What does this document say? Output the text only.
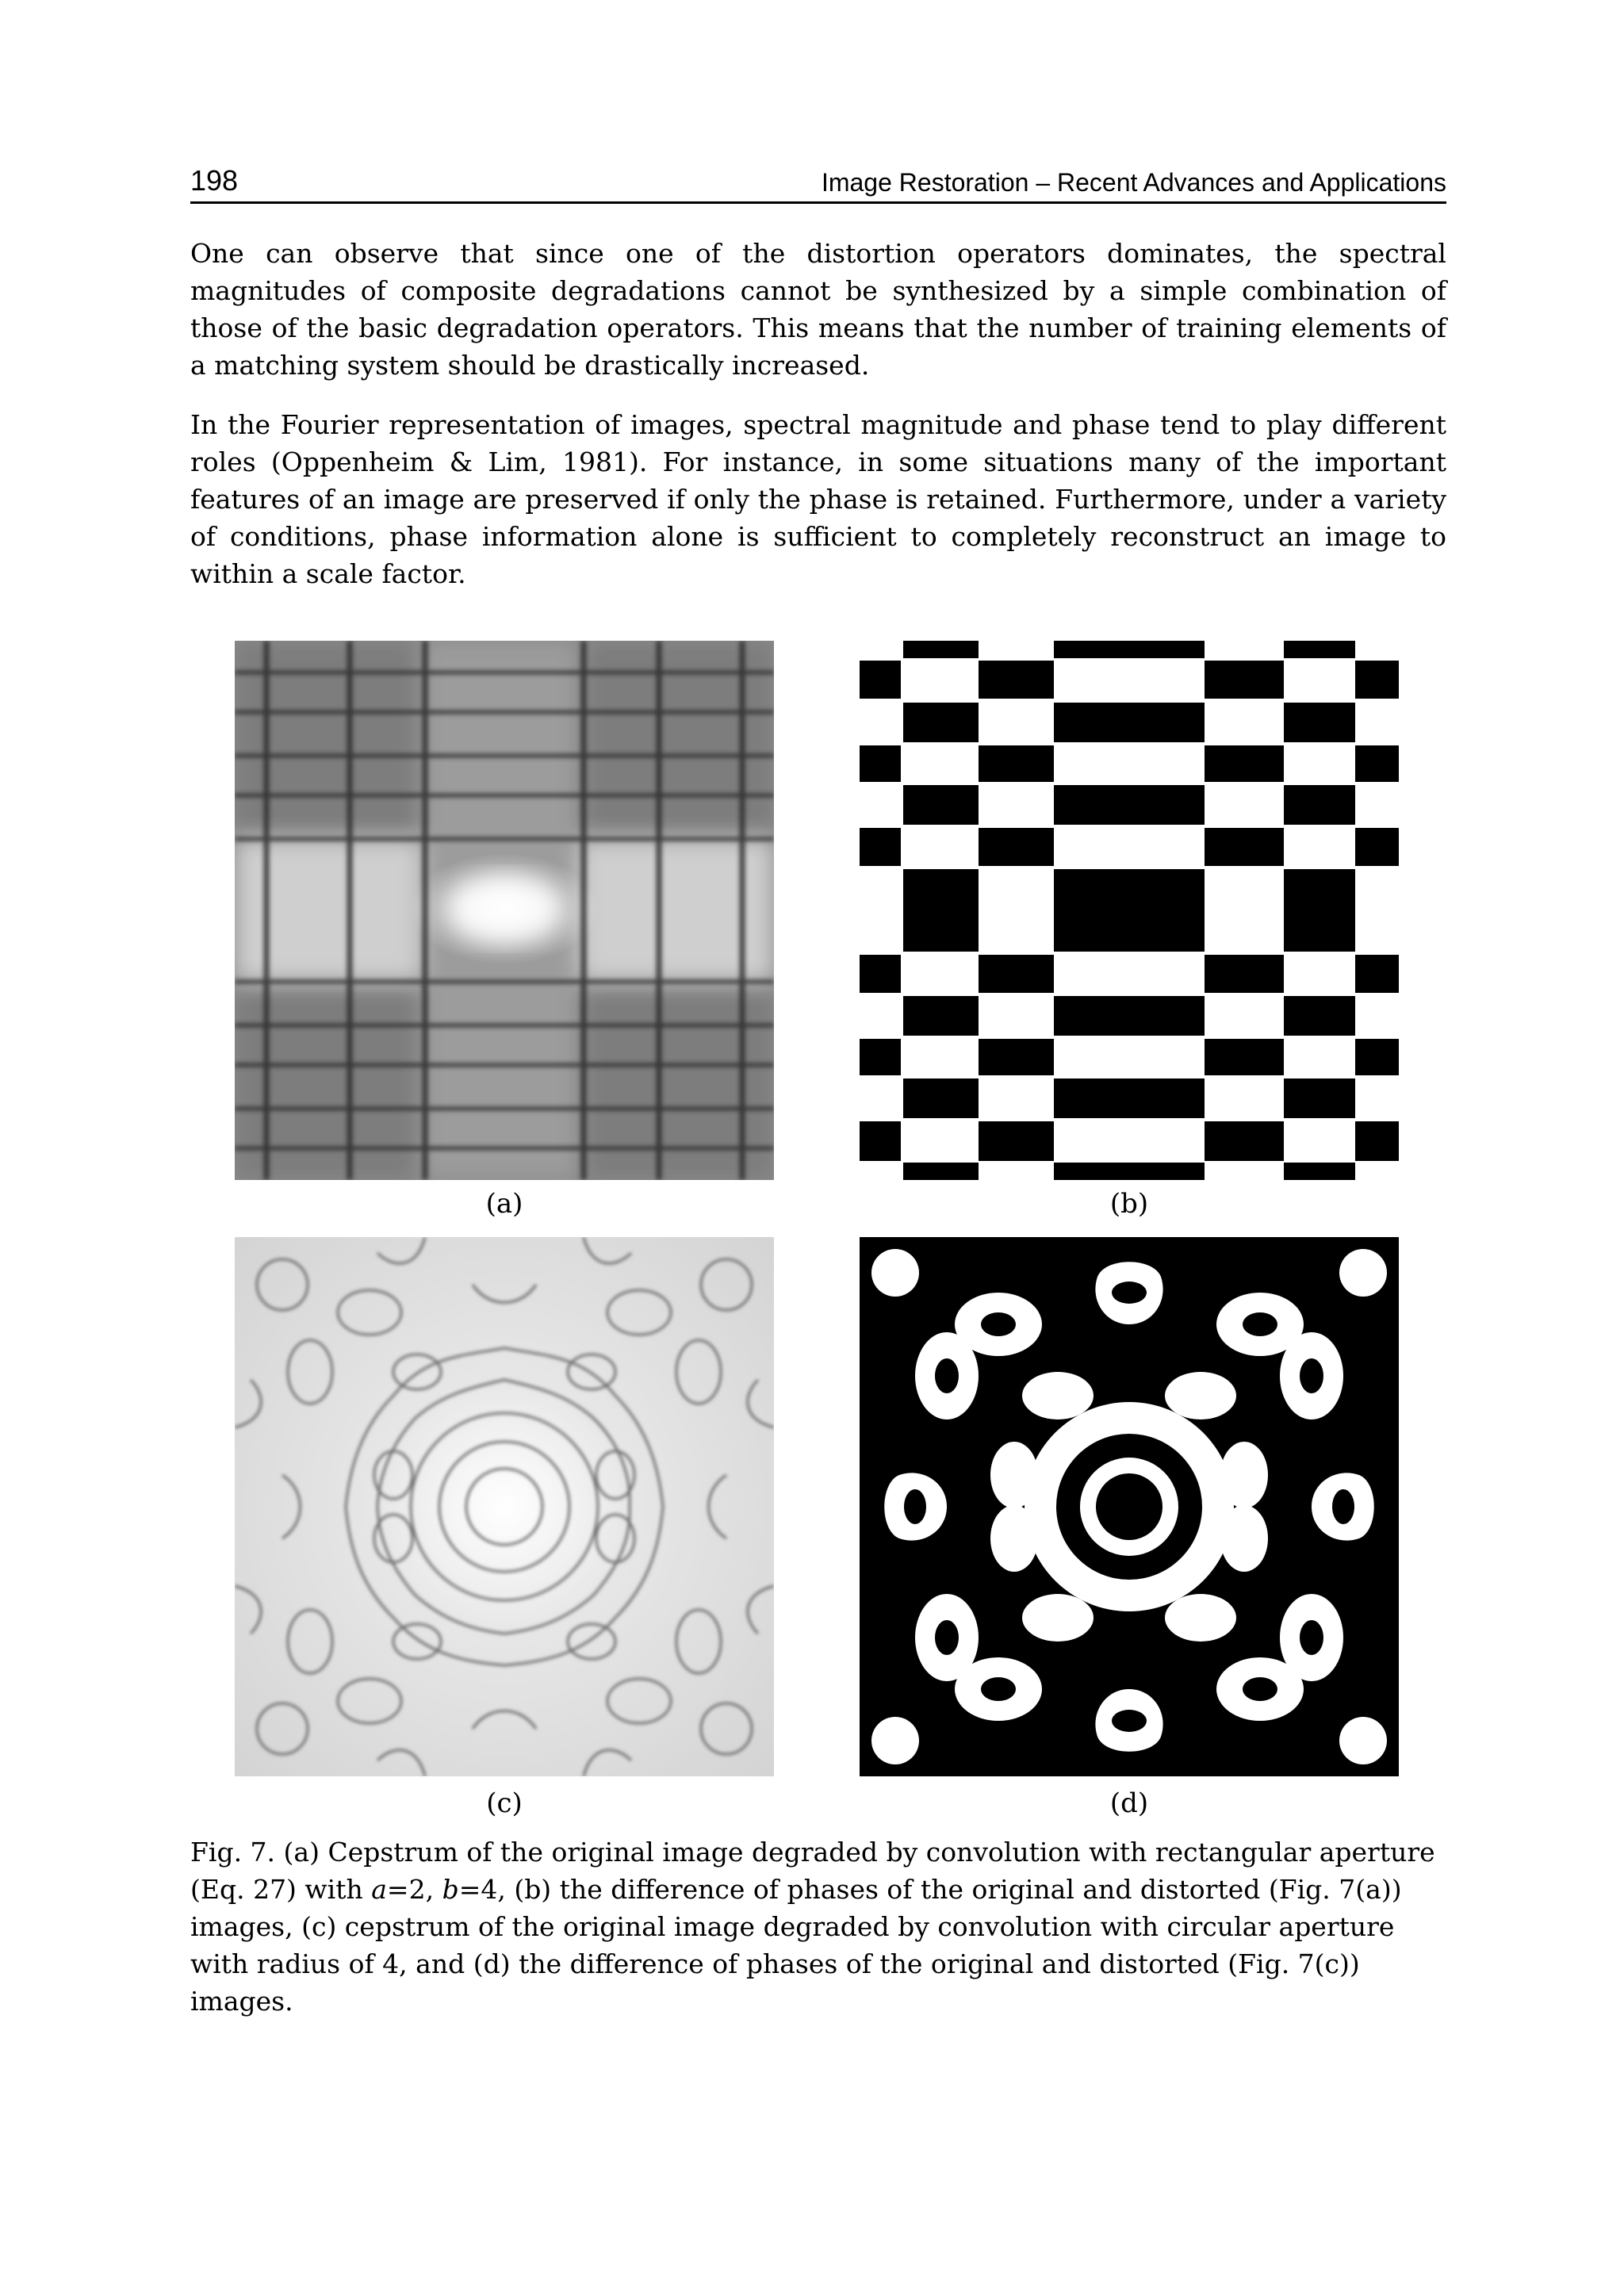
198	Image Restoration – Recent Advances and Applications

One can observe that since one of the distortion operators dominates, the spectral magnitudes of composite degradations cannot be synthesized by a simple combination of those of the basic degradation operators. This means that the number of training elements of a matching system should be drastically increased.

In the Fourier representation of images, spectral magnitude and phase tend to play different roles (Oppenheim & Lim, 1981). For instance, in some situations many of the important features of an image are preserved if only the phase is retained. Furthermore, under a variety of conditions, phase information alone is sufficient to completely reconstruct an image to within a scale factor.

(a)	(b)
(c)	(d)

Fig. 7. (a) Cepstrum of the original image degraded by convolution with rectangular aperture (Eq. 27) with a=2, b=4, (b) the difference of phases of the original and distorted (Fig. 7(a)) images, (c) cepstrum of the original image degraded by convolution with circular aperture with radius of 4, and (d) the difference of phases of the original and distorted (Fig. 7(c)) images.
